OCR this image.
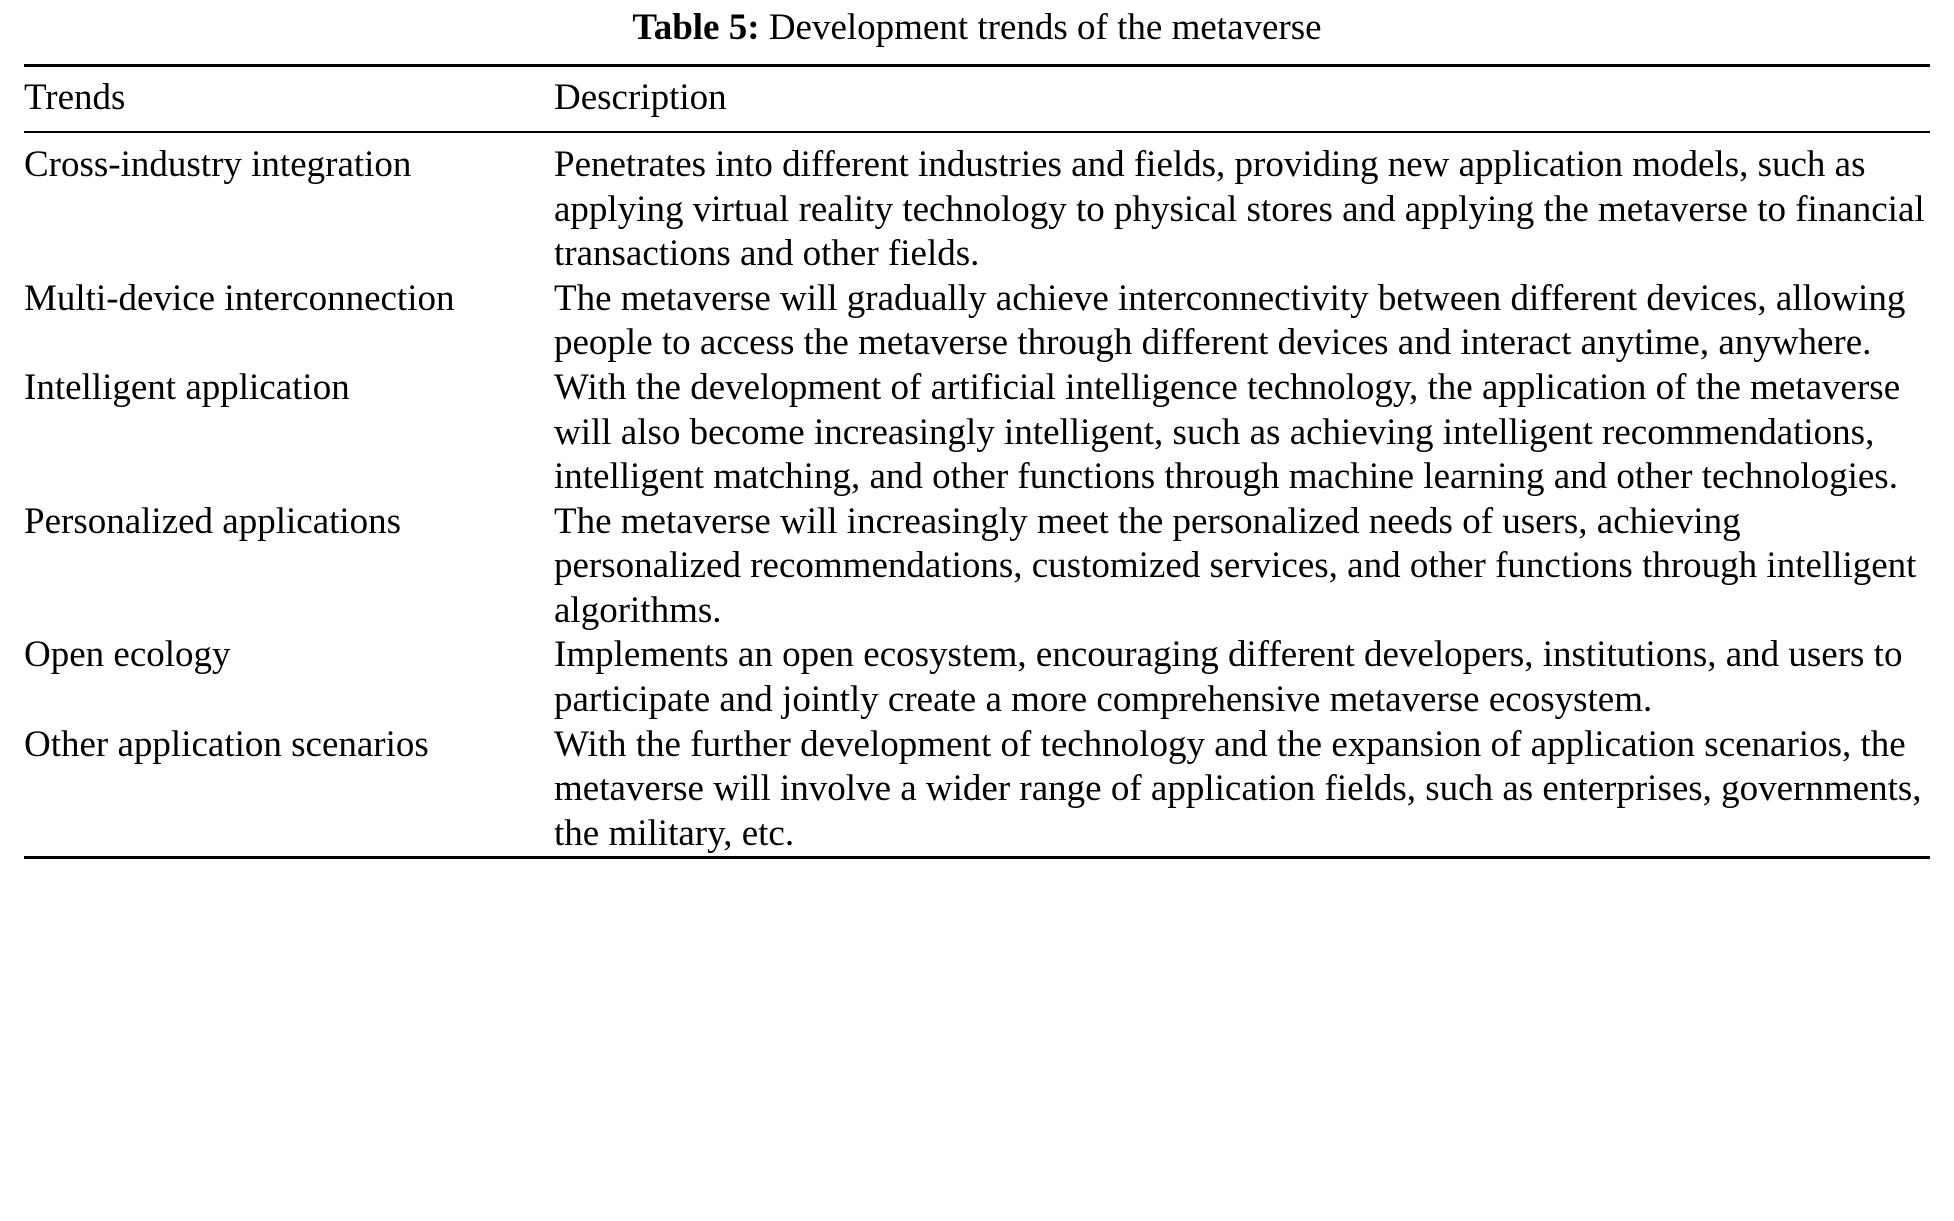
Table 5: Development trends of the metaverse
Trends	Description
Cross-industry integration	Penetrates into different industries and fields, providing new application models, such as applying virtual reality technology to physical stores and applying the metaverse to financial transactions and other fields.
Multi-device interconnection	The metaverse will gradually achieve interconnectivity between different devices, allowing people to access the metaverse through different devices and interact anytime, anywhere.
Intelligent application	With the development of artificial intelligence technology, the application of the metaverse will also become increasingly intelligent, such as achieving intelligent recommendations, intelligent matching, and other functions through machine learning and other technologies.
Personalized applications	The metaverse will increasingly meet the personalized needs of users, achieving personalized recommendations, customized services, and other functions through intelligent algorithms.
Open ecology	Implements an open ecosystem, encouraging different developers, institutions, and users to participate and jointly create a more comprehensive metaverse ecosystem.
Other application scenarios	With the further development of technology and the expansion of application scenarios, the metaverse will involve a wider range of application fields, such as enterprises, governments, the military, etc.
